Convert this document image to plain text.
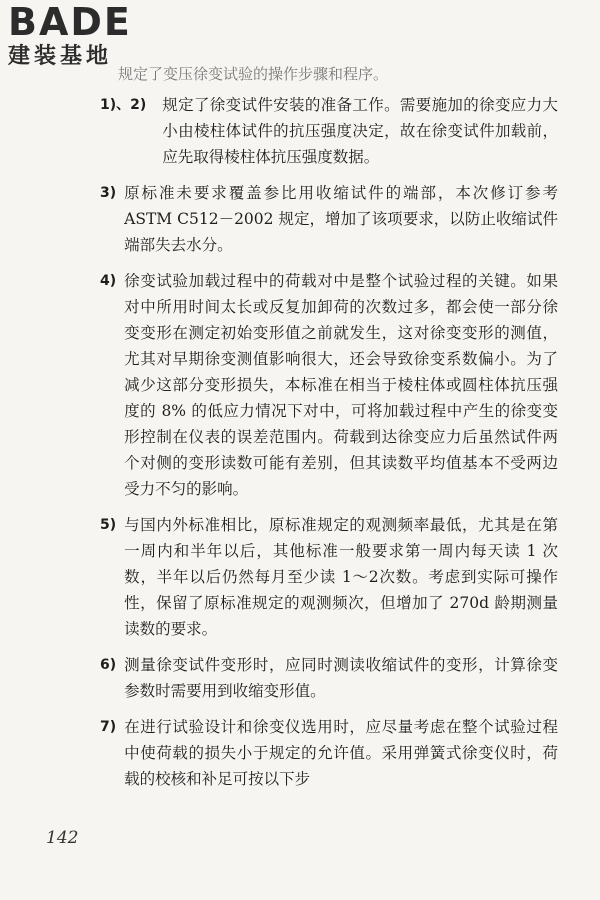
BADE
建装基地
规定了变压徐变试验的操作步骤和程序。
1)、2)	规定了徐变试件安装的准备工作。需要施加的徐变应力大小由棱柱体试件的抗压强度决定，故在徐变试件加载前，应先取得棱柱体抗压强度数据。
3) 原标准未要求覆盖参比用收缩试件的端部，本次修订参考 ASTM C512－2002 规定，增加了该项要求，以防止收缩试件端部失去水分。
4) 徐变试验加载过程中的荷载对中是整个试验过程的关键。如果对中所用时间太长或反复加卸荷的次数过多，都会使一部分徐变变形在测定初始变形值之前就发生，这对徐变变形的测值，尤其对早期徐变测值影响很大，还会导致徐变系数偏小。为了减少这部分变形损失，本标准在相当于棱柱体或圆柱体抗压强度的 8% 的低应力情况下对中，可将加载过程中产生的徐变变形控制在仪表的误差范围内。荷载到达徐变应力后虽然试件两个对侧的变形读数可能有差别，但其读数平均值基本不受两边受力不匀的影响。
5) 与国内外标准相比，原标准规定的观测频率最低，尤其是在第一周内和半年以后，其他标准一般要求第一周内每天读 1 次数，半年以后仍然每月至少读 1～2次数。考虑到实际可操作性，保留了原标准规定的观测频次，但增加了 270d 龄期测量读数的要求。
6) 测量徐变试件变形时，应同时测读收缩试件的变形，计算徐变参数时需要用到收缩变形值。
7) 在进行试验设计和徐变仪选用时，应尽量考虑在整个试验过程中使荷载的损失小于规定的允许值。采用弹簧式徐变仪时，荷载的校核和补足可按以下步
142
